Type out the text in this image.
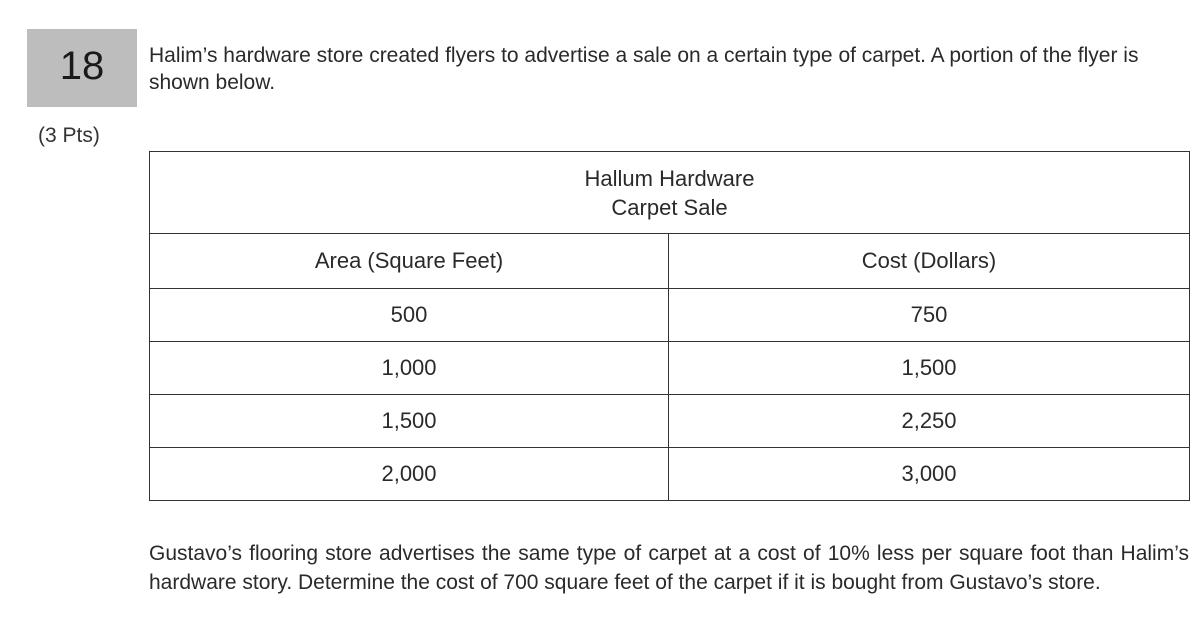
18
(3 Pts)
Halim’s hardware store created flyers to advertise a sale on a certain type of carpet. A portion of the flyer is shown below.
Hallum Hardware
Carpet Sale	

Area (Square Feet)	Cost (Dollars)
500	750
1,000	1,500
1,500	2,250
2,000	3,000
Gustavo’s flooring store advertises the same type of carpet at a cost of 10% less per square foot than Halim’s hardware story. Determine the cost of 700 square feet of the carpet if it is bought from Gustavo’s store.
